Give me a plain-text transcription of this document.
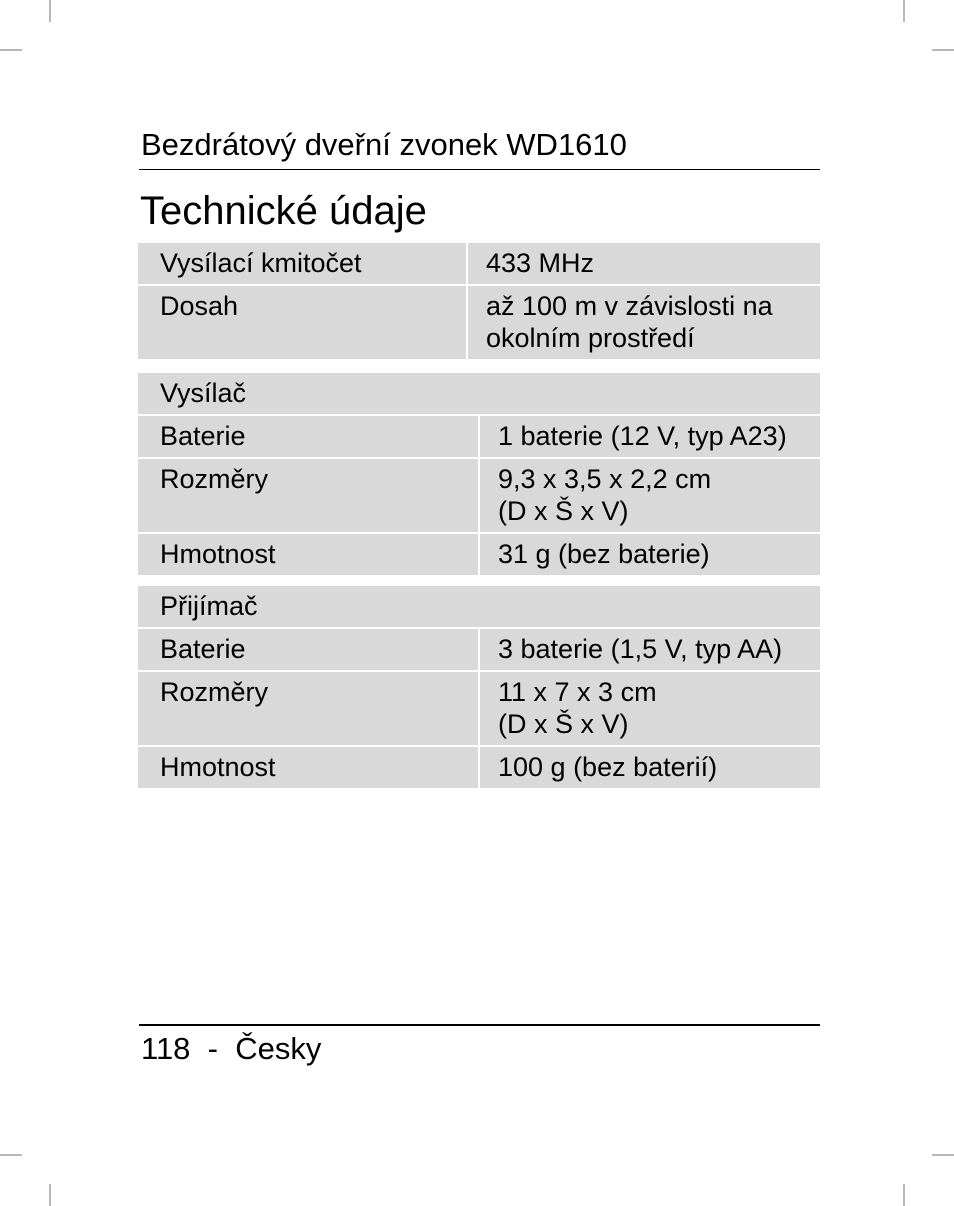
Bezdrátový dveřní zvonek WD1610
Technické údaje
Vysílací kmitočet	433 MHz

Dosah	až 100 m v závislosti na
okolním prostředí
Vysílač	
Baterie	1 baterie (12 V, typ A23)

Rozměry	9,3 x 3,5 x 2,2 cm
(D x Š x V)

Hmotnost	31 g (bez baterie)
Přijímač	
Baterie	3 baterie (1,5 V, typ AA)

Rozměry	11 x 7 x 3 cm
(D x Š x V)

Hmotnost	100 g (bez baterií)
118 - Česky
